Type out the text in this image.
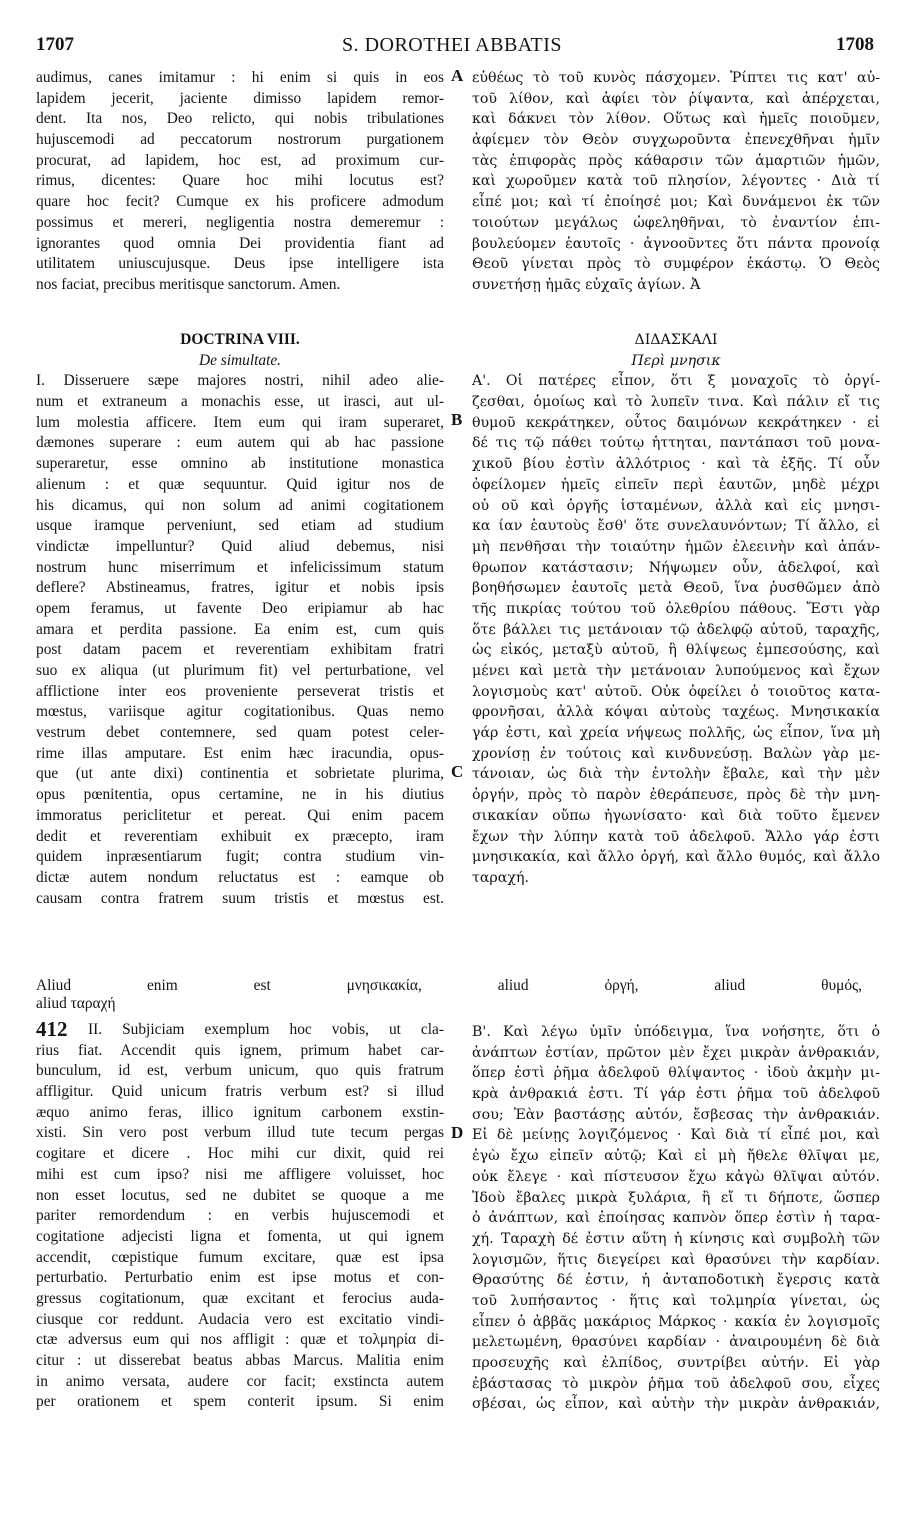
1707	S. DOROTHEI ABBATIS	1708
A
B
C
D
audimus, canes imitamur : hi enim si quis in eos
lapidem jecerit, jaciente dimisso lapidem remor-
dent. Ita nos, Deo relicto, qui nobis tribulationes
hujuscemodi ad peccatorum nostrorum purgationem
procurat, ad lapidem, hoc est, ad proximum cur-
rimus, dicentes: Quare hoc mihi locutus est?
quare hoc fecit? Cumque ex his proficere admodum
possimus et mereri, negligentia nostra demeremur :
ignorantes quod omnia Dei providentia fiant ad
utilitatem uniuscujusque. Deus ipse intelligere ista
nos faciat, precibus meritisque sanctorum. Amen.
DOCTRINA VIII.
De simultate.
I. Disseruere sæpe majores nostri, nihil adeo alie-
num et extraneum a monachis esse, ut irasci, aut ul-
lum molestia afficere. Item eum qui iram superaret,
dæmones superare : eum autem qui ab hac passione
superaretur, esse omnino ab institutione monastica
alienum : et quæ sequuntur. Quid igitur nos de
his dicamus, qui non solum ad animi cogitationem
usque iramque perveniunt, sed etiam ad studium
vindictæ impelluntur? Quid aliud debemus, nisi
nostrum hunc miserrimum et infelicissimum statum
deflere? Abstineamus, fratres, igitur et nobis ipsis
opem feramus, ut favente Deo eripiamur ab hac
amara et perdita passione. Ea enim est, cum quis
post datam pacem et reverentiam exhibitam fratri
suo ex aliqua (ut plurimum fit) vel perturbatione, vel
afflictione inter eos proveniente perseverat tristis et
mœstus, variisque agitur cogitationibus. Quas nemo
vestrum debet contemnere, sed quam potest celer-
rime illas amputare. Est enim hæc iracundia, opus-
que (ut ante dixi) continentia et sobrietate plurima,
opus pœnitentia, opus certamine, ne in his diutius
immoratus periclitetur et pereat. Qui enim pacem
dedit et reverentiam exhibuit ex præcepto, iram
quidem inpræsentiarum fugit; contra studium vin-
dictæ autem nondum reluctatus est : eamque ob
causam contra fratrem suum tristis et mœstus est.
εὐθέως τὸ τοῦ κυνὸς πάσχομεν. Ῥίπτει τις κατ' αὐ-
τοῦ λίθον, καὶ ἀφίει τὸν ῥίψαντα, καὶ ἀπέρχεται,
καὶ δάκνει τὸν λίθον. Οὕτως καὶ ἡμεῖς ποιοῦμεν,
ἀφίεμεν τὸν Θεὸν συγχωροῦντα ἐπενεχθῆναι ἡμῖν
τὰς ἐπιφορὰς πρὸς κάθαρσιν τῶν ἁμαρτιῶν ἡμῶν,
καὶ χωροῦμεν κατὰ τοῦ πλησίον, λέγοντες · Διὰ τί
εἶπέ μοι; καὶ τί ἐποίησέ μοι; Καὶ δυνάμενοι ἐκ τῶν
τοιούτων μεγάλως ὠφεληθῆναι, τὸ ἐναντίον ἐπι-
βουλεύομεν ἑαυτοῖς · ἀγνοοῦντες ὅτι πάντα προνοίᾳ
Θεοῦ γίνεται πρὸς τὸ συμφέρον ἑκάστῳ. Ὁ Θεὸς
συνετήσῃ ἡμᾶς εὐχαῖς ἁγίων. Ἀ
ΔΙΔΑΣΚΑΛΙ
Περὶ μνησικ
Α'. Οἱ πατέρες εἶπον, ὅτι ξ μοναχοῖς τὸ ὀργί-
ζεσθαι, ὁμοίως καὶ τὸ λυπεῖν τινα. Καὶ πάλιν εἴ τις
θυμοῦ κεκράτηκεν, οὗτος δαιμόνων κεκράτηκεν · εἰ
δέ τις τῷ πάθει τούτῳ ἡττηται, παντάπασι τοῦ μονα-
χικοῦ βίου ἐστὶν ἀλλότριος · καὶ τὰ ἑξῆς. Τί οὖν
ὀφείλομεν ἡμεῖς εἰπεῖν περὶ ἑαυτῶν, μηδὲ μέχρι
οὐ οῦ καὶ ὀργῆς ἱσταμένων, ἀλλὰ καὶ εἰς μνησι-
κα ίαν ἑαυτοὺς ἔσθ' ὅτε συνελαυνόντων; Τί ἄλλο, εἰ
μὴ πενθῆσαι τὴν τοιαύτην ἡμῶν ἐλεεινὴν καὶ ἀπάν-
θρωπον κατάστασιν; Νήψωμεν οὖν, ἀδελφοί, καὶ
βοηθήσωμεν ἑαυτοῖς μετὰ Θεοῦ, ἵνα ῥυσθῶμεν ἀπὸ
τῆς πικρίας τούτου τοῦ ὀλεθρίου πάθους. Ἔστι γὰρ
ὅτε βάλλει τις μετάνοιαν τῷ ἀδελφῷ αὐτοῦ, ταραχῆς,
ὡς εἰκός, μεταξὺ αὐτοῦ, ἢ θλίψεως ἐμπεσούσης, καὶ
μένει καὶ μετὰ τὴν μετάνοιαν λυπούμενος καὶ ἔχων
λογισμοὺς κατ' αὐτοῦ. Οὐκ ὀφείλει ὁ τοιοῦτος κατα-
φρονῆσαι, ἀλλὰ κόψαι αὐτοὺς ταχέως. Μνησικακία
γάρ ἐστι, καὶ χρεία νήψεως πολλῆς, ὡς εἶπον, ἵνα μὴ
χρονίσῃ ἐν τούτοις καὶ κινδυνεύσῃ. Βαλὼν γὰρ με-
τάνοιαν, ὡς διὰ τὴν ἐντολὴν ἔβαλε, καὶ τὴν μὲν
ὀργήν, πρὸς τὸ παρὸν ἐθεράπευσε, πρὸς δὲ τὴν μνη-
σικακίαν οὔπω ἠγωνίσατο· καὶ διὰ τοῦτο ἔμενεν
ἔχων τὴν λύπην κατὰ τοῦ ἀδελφοῦ. Ἄλλο γάρ ἐστι
μνησικακία, καὶ ἄλλο ὀργή, καὶ ἄλλο θυμός, καὶ ἄλλο
ταραχή.
Aliud enim est μνησικακία, aliud ὀργή, aliud θυμός,
412
aliud ταραχή
II. Subjiciam exemplum hoc vobis, ut cla-
rius fiat. Accendit quis ignem, primum habet car-
bunculum, id est, verbum unicum, quo quis fratrum
affligitur. Quid unicum fratris verbum est? si illud
æquo animo feras, illico ignitum carbonem exstin-
xisti. Sin vero post verbum illud tute tecum pergas
cogitare et dicere . Hoc mihi cur dixit, quid rei
mihi est cum ipso? nisi me affligere voluisset, hoc
non esset locutus, sed ne dubitet se quoque a me
pariter remordendum : en verbis hujuscemodi et
cogitatione adjecisti ligna et fomenta, ut qui ignem
accendit, cœpistique fumum excitare, quæ est ipsa
perturbatio. Perturbatio enim est ipse motus et con-
gressus cogitationum, quæ excitant et ferocius auda-
ciusque cor reddunt. Audacia vero est excitatio vindi-
ctæ adversus eum qui nos affligit : quæ et τολμηρία di-
citur : ut disserebat beatus abbas Marcus. Malitia enim
in animo versata, audere cor facit; exstincta autem
per orationem et spem conterit ipsum. Si enim
Β'. Καὶ λέγω ὑμῖν ὑπόδειγμα, ἵνα νοήσητε, ὅτι ὁ
ἀνάπτων ἑστίαν, πρῶτον μὲν ἔχει μικρὰν ἀνθρακιάν,
ὅπερ ἐστὶ ῥῆμα ἀδελφοῦ θλίψαντος · ἰδοὺ ἀκμὴν μι-
κρὰ ἀνθρακιά ἐστι. Τί γάρ ἐστι ῥῆμα τοῦ ἀδελφοῦ
σου; Ἐὰν βαστάσῃς αὐτόν, ἔσβεσας τὴν ἀνθρακιάν.
Εἰ δὲ μείνῃς λογιζόμενος · Καὶ διὰ τί εἶπέ μοι, καὶ
ἐγὼ ἔχω εἰπεῖν αὐτῷ; Καὶ εἰ μὴ ἤθελε θλῖψαι με,
οὐκ ἔλεγε · καὶ πίστευσον ἔχω κἀγὼ θλῖψαι αὐτόν.
Ἰδοὺ ἔβαλες μικρὰ ξυλάρια, ἢ εἴ τι δήποτε, ὥσπερ
ὁ ἀνάπτων, καὶ ἐποίησας καπνὸν ὅπερ ἐστὶν ἡ ταρα-
χή. Ταραχὴ δέ ἐστιν αὕτη ἡ κίνησις καὶ συμβολὴ τῶν
λογισμῶν, ἥτις διεγείρει καὶ θρασύνει τὴν καρδίαν.
Θρασύτης δέ ἐστιν, ἡ ἀνταποδοτικὴ ἔγερσις κατὰ
τοῦ λυπήσαντος · ἥτις καὶ τολμηρία γίνεται, ὡς
εἶπεν ὁ ἀββᾶς μακάριος Μάρκος · κακία ἐν λογισμοῖς
μελετωμένη, θρασύνει καρδίαν · ἀναιρουμένη δὲ διὰ
προσευχῆς καὶ ἐλπίδος, συντρίβει αὐτήν. Εἰ γὰρ
ἐβάστασας τὸ μικρὸν ῥῆμα τοῦ ἀδελφοῦ σου, εἶχες
σβέσαι, ὡς εἶπον, καὶ αὐτὴν τὴν μικρὰν ἀνθρακιάν,
